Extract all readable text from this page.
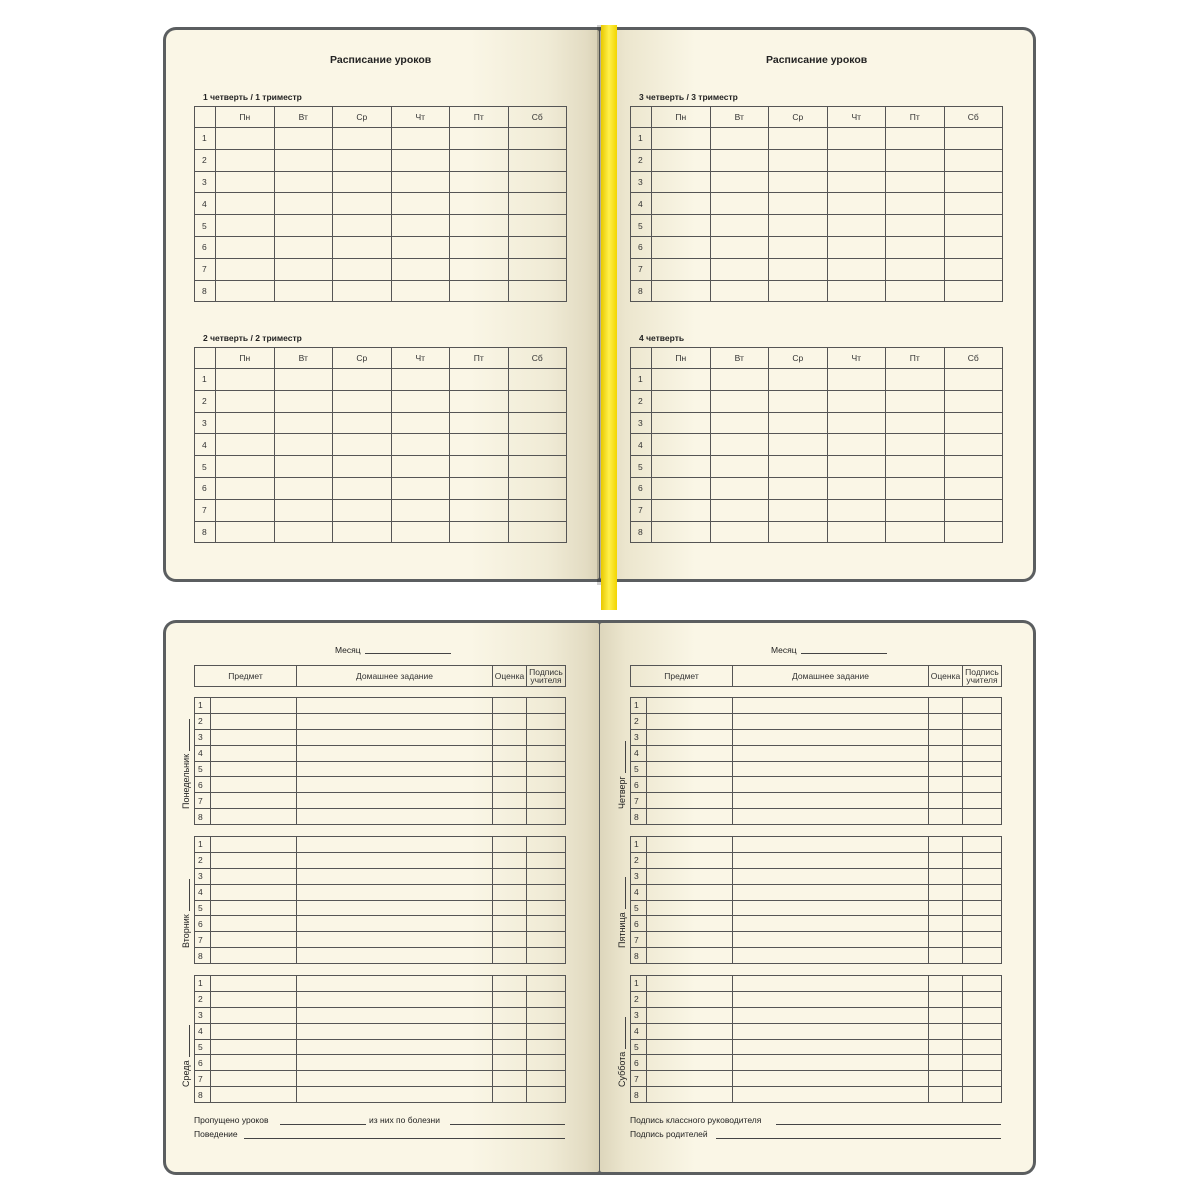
Расписание уроков	Расписание уроков
1 четверть / 1 триместр
2 четверть / 2 триместр
3 четверть / 3 триместр
4 четверть
	Пн	Вт	Ср	Чт	Пт	Сб
1						
2						
3						
4						
5						
6						
7						
8						
	Пн	Вт	Ср	Чт	Пт	Сб
1						
2						
3						
4						
5						
6						
7						
8						
	Пн	Вт	Ср	Чт	Пт	Сб
1						
2						
3						
4						
5						
6						
7						
8						
	Пн	Вт	Ср	Чт	Пт	Сб
1						
2						
3						
4						
5						
6						
7						
8						
Месяц	Месяц
Предмет	Домашнее задание	Оценка	Подпись учителя
1				
2				
3				
4				
5				
6				
7				
8				
Понедельник
1				
2				
3				
4				
5				
6				
7				
8				
Вторник
1				
2				
3				
4				
5				
6				
7				
8				
Среда
Предмет	Домашнее задание	Оценка	Подпись учителя
1				
2				
3				
4				
5				
6				
7				
8				
Четверг
1				
2				
3				
4				
5				
6				
7				
8				
Пятница
1				
2				
3				
4				
5				
6				
7				
8				
Суббота
Пропущено уроков	из них по болезни
Поведение
Подпись классного руководителя
Подпись родителей
